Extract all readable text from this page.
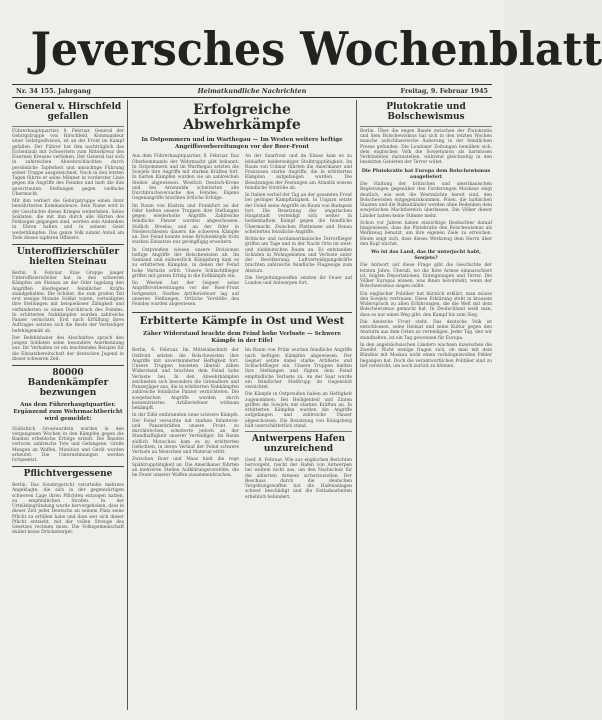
Jeversches Wochenblatt
Nr. 34 155. Jahrgang	Heimatkundliche Nachrichten	Freitag, 9. Februar 1945
General v. Hirschfeld gefallen
Führerhauptquartier, 8. Februar. General der Gebirgstruppe von Hirschfeld, Kommandeur einer Gebirgsdivision, ist an der Front im Kampf gefallen. Der Führer hat ihm nachträglich das Eichenlaub mit Schwertern zum Ritterkreuz des Eisernen Kreuzes verliehen. Der General hat sich in zahlreichen Abwehrschlachten durch persönliche Tapferkeit und umsichtige Führung seiner Truppe ausgezeichnet. Noch in den letzten Tagen führte er seine Männer in vorderster Linie gegen die Angriffe des Feindes und hielt die ihm anvertrauten Stellungen gegen vielfache Übermacht.
Mit ihm verliert die Gebirgstruppe einen ihrer bewährtesten Kommandeure. Sein Name wird in der Geschichte dieses Krieges weiterleben. Seine Soldaten, die mit ihm durch alle Härten des Feldzuges gegangen sind, werden sein Andenken in Ehren halten und in seinem Geist weiterkämpfen. Das ganze Volk nimmt Anteil am Tode dieses tapferen Offiziers.
Unteroffizierschüler hielten Steinau
Berlin, 8. Februar. Eine Gruppe junger Unteroffizierschüler hat in den schweren Kämpfen um Steinau an der Oder tagelang den Angriffen überlegener feindlicher Kräfte standgehalten. Die Schüler, die zum großen Teil erst wenige Monate Soldat waren, verteidigten ihre Stellungen mit beispielloser Zähigkeit und verhinderten so einen Durchbruch des Feindes. In erbitterten Nahkämpfen wurden zahlreiche Panzer vernichtet. Erst nach Erfüllung ihres Auftrages setzten sich die Reste der Verteidiger befehlsgemäß ab.
Der Befehlshaber des Abschnittes sprach den jungen Soldaten seine besondere Anerkennung aus. Ihr Verhalten ist ein leuchtendes Beispiel für die Einsatzbereitschaft der deutschen Jugend in dieser schweren Zeit.
80000 Bandenkämpfer bezwungen
Aus dem Führerhauptquartier. Ergänzend zum Wehrmachtbericht wird gemeldet:
Südöstlich Grosswardein wurden in den vergangenen Wochen in den Kämpfen gegen die Banden erhebliche Erfolge erzielt. Die Banden verloren zahlreiche Tote und Gefangene. Große Mengen an Waffen, Munition und Gerät wurden erbeutet. Die Unternehmungen werden fortgesetzt.
Pflichtvergessene
Berlin. Das Sondergericht verurteilte mehrere Angeklagte, die sich in der gegenwärtigen schweren Lage ihren Pflichten entzogen hatten, zu empfindlichen Strafen. In der Urteilsbegründung wurde hervorgehoben, dass in dieser Zeit jeder Deutsche an seinem Platz seine Pflicht zu erfüllen habe und dass wer sich dieser Pflicht entzieht, mit der vollen Strenge des Gesetzes rechnen muss. Die Volksgemeinschaft duldet keine Drückeberger.
Erfolgreiche Abwehrkämpfe
In Ostpommern und im Warthegau — Im Westen weitere heftige Angriffsvorbereitungen vor der Roer-Front
Aus dem Führerhauptquartier, 8. Februar. Das Oberkommando der Wehrmacht gibt bekannt: In Ostpommern und im Warthegau setzten die Sowjets ihre Angriffe mit starken Kräften fort. In harten Kämpfen wurden sie an zahlreichen Stellen abgewiesen. Westlich Deutsch-Krone und bei Arnswalde scheiterten alle Durchbruchsversuche des Feindes. Eigene Gegenangriffe brachten örtliche Erfolge.
Im Raum von Küstrin und Frankfurt an der Oder hielten unsere Truppen ihre Stellungen gegen wiederholte Angriffe. Zahlreiche feindliche Panzer wurden abgeschossen. Südlich Breslau und an der Oder in Niederschlesien dauern die schweren Kämpfe an. Der Feind konnte seine Brückenköpfe trotz starken Einsatzes nur geringfügig erweitern.
In Ostpreußen wiesen unsere Divisionen heftige Angriffe der Bolschewisten ab. Im Samland und südwestlich Königsberg kam es zu erbitterten Kämpfen, in denen der Feind hohe Verluste erlitt. Unsere Schlachtflieger griffen mit gutem Erfolg in die Erdkämpfe ein.
Im Westen hat der Gegner seine Angriffsvorbereitungen vor der Roer-Front fortgesetzt. Starkes Artilleriefeuer lag auf unseren Stellungen. Örtliche Vorstöße des Feindes wurden abgewiesen.
An der Saarfront und im Elsass kam es zu lebhafter beiderseitiger Stoßtrupptätigkeit. Im Raum von Colmar führten die Amerikaner und Franzosen starke Angriffe, die in erbitterten Kämpfen aufgefangen wurden. Die Besatzungen der Festungen am Atlantik wiesen feindliche Vorstöße ab.
In Italien verlief der Tag an der gesamten Front bei geringer Kampftätigkeit. In Ungarn setzte der Feind seine Angriffe im Raum von Budapest fort. Die Besatzung der ungarischen Hauptstadt verteidigt sich weiter in heldenhaftem Kampf gegen die feindliche Übermacht. Zwischen Plattensee und Donau scheiterten feindliche Angriffe.
Britische und nordamerikanische Terrorflieger griffen am Tage und in der Nacht Orte im west- und süddeutschen Raum an. Es entstanden Schäden in Wohngebieten und Verluste unter der Bevölkerung. Luftverteidigungskräfte brachten zahlreiche feindliche Flugzeuge zum Absturz.
Die Vergeltungswaffen setzten ihr Feuer auf London und Antwerpen fort.
Erbitterte Kämpfe in Ost und West
Zäher Widerstand brachte dem Feind hohe Verluste — Schwere Kämpfe in der Eifel
Berlin, 8. Februar. Im Mittelabschnitt der Ostfront setzten die Bolschewisten ihre Angriffe mit unverminderter Heftigkeit fort. Unsere Truppen leisteten überall zähen Widerstand und brachten dem Feind hohe Verluste bei. In den Abwehrkämpfen zeichneten sich besonders die Grenadiere und Panzerjäger aus, die in erbitterten Nahkämpfen zahlreiche feindliche Panzer vernichteten. Die sowjetischen Angriffe wurden durch konzentriertes Artilleriefeuer wirksam bekämpft.
In der Eifel entbrannten neue schwere Kämpfe. Der Feind versuchte mit starken Infanterie- und Panzerkräften unsere Front zu durchbrechen, scheiterte jedoch an der Standhaftigkeit unserer Verteidiger. Im Raum südlich Monschau kam es zu erbitterten Gefechten, in deren Verlauf der Feind schwere Verluste an Menschen und Material erlitt.
Zwischen Roer und Maas hielt die rege Spähtrupptätigkeit an. Die Amerikaner führten an mehreren Stellen Aufklärungsvorstöße, die im Feuer unserer Waffen zusammenbrachen.
Im Raum von Prüm wurden feindliche Angriffe nach heftigen Kämpfen abgewiesen. Der Gegner setzte dabei starke Artillerie und Schlachtflieger ein. Unsere Truppen hielten ihre Stellungen und fügten dem Feind empfindliche Verluste zu. An der Saar wurde ein feindlicher Stoßtrupp im Gegenstoß vernichtet.
Die Kämpfe in Ostpreußen haben an Heftigkeit zugenommen. Bei Heiligenbeil und Zinten griffen die Sowjets mit starken Kräften an. In erbitterten Kämpfen wurden die Angriffe aufgefangen und zahlreiche Panzer abgeschossen. Die Besatzung von Königsberg hält unerschütterlich stand.
Antwerpens Hafen unzureichend
Genf, 8. Februar. Wie aus englischen Berichten hervorgeht, reicht der Hafen von Antwerpen bei weitem nicht aus, um den Nachschub für die alliierten Armeen sicherzustellen. Der Beschuss durch die deutschen Vergeltungswaffen hat die Hafenanlagen schwer beschädigt und die Entladearbeiten erheblich behindert.
Plutokratie und Bolschewismus
Berlin. Über die engen Bande zwischen der Plutokratie und dem Bolschewismus hat sich in den letzten Wochen manche aufschlussreiche Äußerung in der feindlichen Presse gefunden. Die Londoner Zeitungen bemühen sich, dem englischen Volk die Sowjetunion als harmlosen Verbündeten darzustellen, während gleichzeitig in den besetzten Gebieten der Terror wütet.
Die Plutokratie hat Europa dem Bolschewismus ausgeliefert
Die Haltung der britischen und amerikanischen Regierungen gegenüber den Forderungen Moskaus zeigt deutlich, wie weit die Westmächte bereit sind, den Bolschewisten entgegenzukommen. Polen, die baltischen Staaten und die Balkanländer werden ohne Bedenken dem sowjetischen Machtbereich überlassen. Die Völker dieser Länder haben keine Stimme mehr.
Schon vor Jahren haben einsichtige Beobachter darauf hingewiesen, dass die Plutokratie den Bolschewismus als Werkzeug benutzt, um ihre eigenen Ziele zu erreichen. Heute zeigt sich, dass dieses Werkzeug dem Herrn über den Kopf wächst.
Wo ist das Land, das ihr unterjocht habt, Sowjets?
Die Antwort auf diese Frage gibt die Geschichte der letzten Jahre. Überall, wo die Rote Armee einmarschiert ist, folgten Deportationen, Enteignungen und Terror. Die Völker Europas wissen, was ihnen bevorsteht, wenn der Bolschewismus siegen sollte.
Ein englischer Politiker hat kürzlich erklärt, man müsse den Sowjets vertrauen. Diese Erklärung steht in krassem Widerspruch zu allen Erfahrungen, die die Welt mit dem Bolschewismus gemacht hat. In Deutschland weiß man, dass es nur einen Weg gibt: den Kampf bis zum Sieg.
Die deutsche Front steht. Das deutsche Volk ist entschlossen, seine Heimat und seine Kultur gegen den Ansturm aus dem Osten zu verteidigen. Jeder Tag, den wir standhalten, ist ein Tag gewonnen für Europa.
In den angelsächsischen Ländern wachsen inzwischen die Zweifel. Nicht wenige fragen sich, ob man mit dem Bündnis mit Moskau nicht einen verhängnisvollen Fehler begangen hat. Doch die verantwortlichen Politiker sind zu tief verstrickt, um noch zurück zu können.
